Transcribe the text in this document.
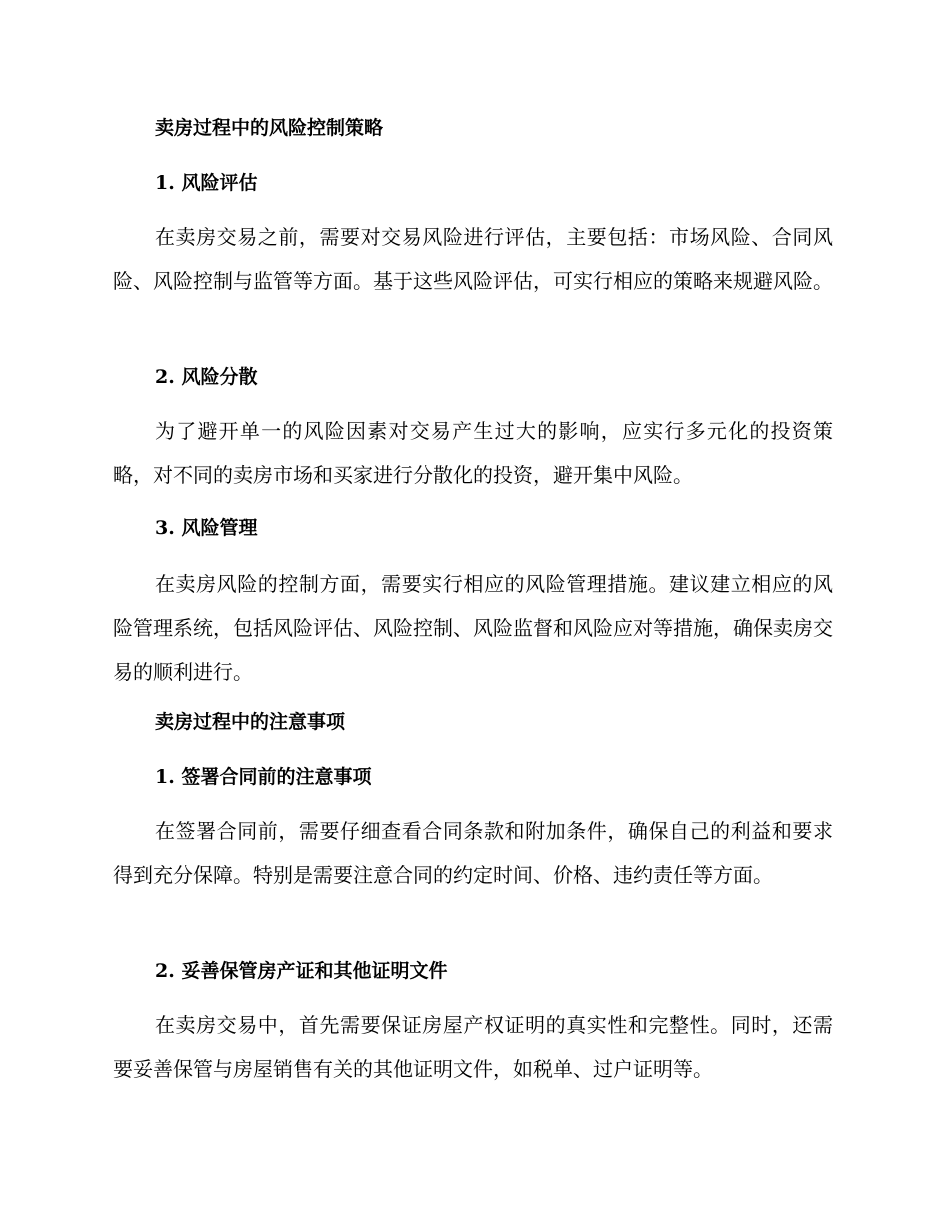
卖房过程中的风险控制策略
1. 风险评估

在卖房交易之前，需要对交易风险进行评估，主要包括：市场风险、合同风险、风险控制与监管等方面。基于这些风险评估，可实行相应的策略来规避风险。

2. 风险分散

为了避开单一的风险因素对交易产生过大的影响，应实行多元化的投资策略，对不同的卖房市场和买家进行分散化的投资，避开集中风险。

3. 风险管理

在卖房风险的控制方面，需要实行相应的风险管理措施。建议建立相应的风险管理系统，包括风险评估、风险控制、风险监督和风险应对等措施，确保卖房交易的顺利进行。

卖房过程中的注意事项
1. 签署合同前的注意事项

在签署合同前，需要仔细查看合同条款和附加条件，确保自己的利益和要求得到充分保障。特别是需要注意合同的约定时间、价格、违约责任等方面。

2. 妥善保管房产证和其他证明文件

在卖房交易中，首先需要保证房屋产权证明的真实性和完整性。同时，还需要妥善保管与房屋销售有关的其他证明文件，如税单、过户证明等。
